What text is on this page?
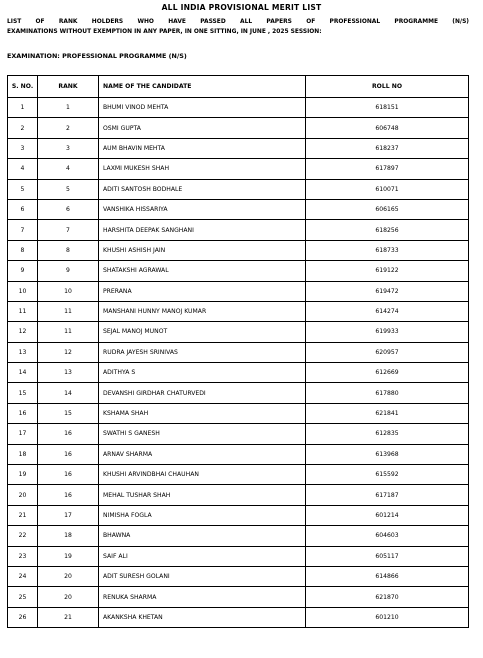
ALL INDIA PROVISIONAL MERIT LIST
LIST OF RANK HOLDERS WHO HAVE PASSED ALL PAPERS OF PROFESSIONAL PROGRAMME (N/S)
EXAMINATIONS WITHOUT EXEMPTION IN ANY PAPER, IN ONE SITTING, IN JUNE , 2025 SESSION:
EXAMINATION: PROFESSIONAL PROGRAMME (N/S)
S. NO.	RANK	NAME OF THE CANDIDATE	ROLL NO
1	1	BHUMI VINOD MEHTA	618151
2	2	OSMI GUPTA	606748
3	3	AUM BHAVIN MEHTA	618237
4	4	LAXMI MUKESH SHAH	617897
5	5	ADITI SANTOSH BODHALE	610071
6	6	VANSHIKA HISSARIYA	606165
7	7	HARSHITA DEEPAK SANGHANI	618256
8	8	KHUSHI ASHISH JAIN	618733
9	9	SHATAKSHI AGRAWAL	619122
10	10	PRERANA	619472
11	11	MANSHANI HUNNY MANOJ KUMAR	614274
12	11	SEJAL MANOJ MUNOT	619933
13	12	RUDRA JAYESH SRINIVAS	620957
14	13	ADITHYA S	612669
15	14	DEVANSHI GIRDHAR CHATURVEDI	617880
16	15	KSHAMA SHAH	621841
17	16	SWATHI S GANESH	612835
18	16	ARNAV SHARMA	613968
19	16	KHUSHI ARVINDBHAI CHAUHAN	615592
20	16	MEHAL TUSHAR SHAH	617187
21	17	NIMISHA FOGLA	601214
22	18	BHAWNA	604603
23	19	SAIF ALI	605117
24	20	ADIT SURESH GOLANI	614866
25	20	RENUKA SHARMA	621870
26	21	AKANKSHA KHETAN	601210
